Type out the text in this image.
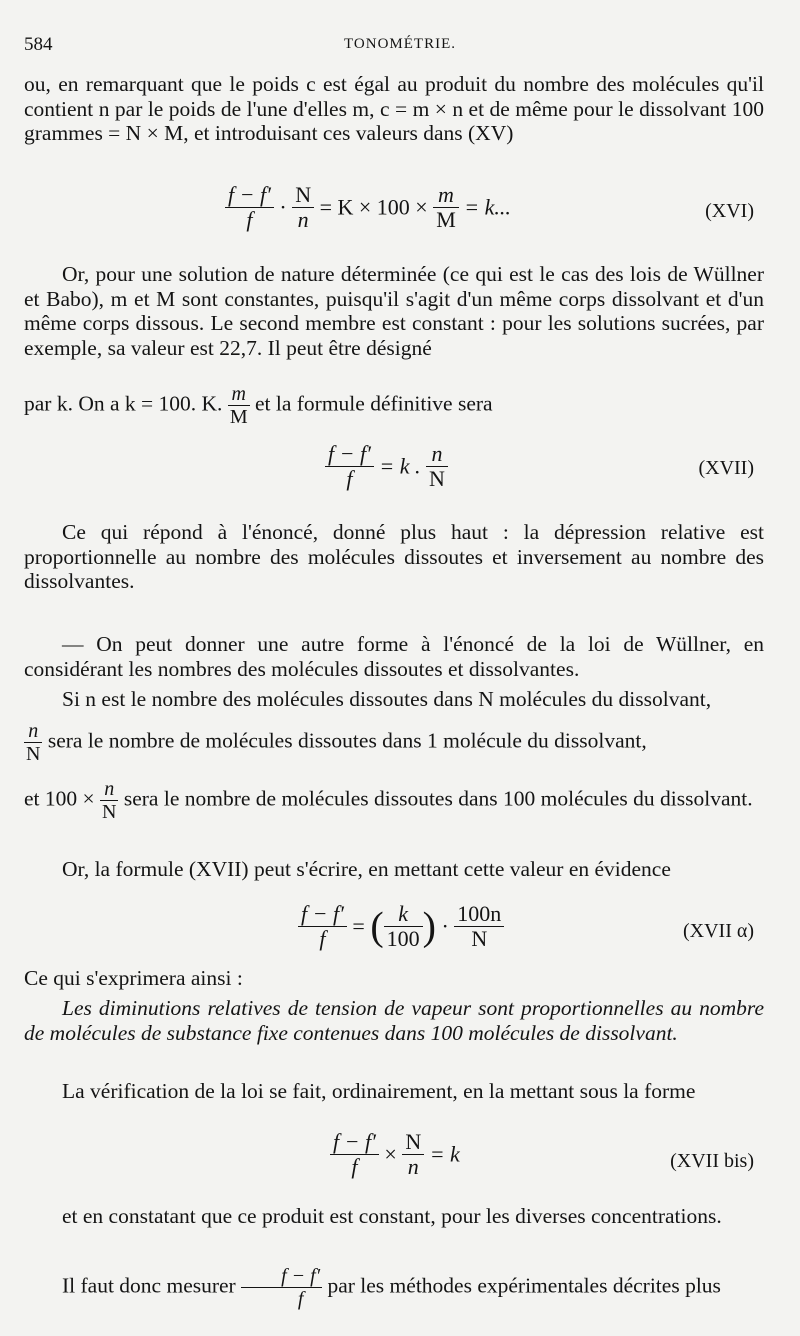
584	TONOMÉTRIE.
ou, en remarquant que le poids c est égal au produit du nombre des molécules qu'il contient n par le poids de l'une d'elles m, c = m × n et de même pour le dissolvant 100 grammes = N × M, et introduisant ces valeurs dans (XV)
$\frac{f - f'}{f} \cdot \frac{N}{n} = K \times 100 \times \frac{m}{M} = k$...	(XVI)
Or, pour une solution de nature déterminée (ce qui est le cas des lois de Wüllner et Babo), m et M sont constantes, puisqu'il s'agit d'un même corps dissolvant et d'un même corps dissous. Le second membre est constant : pour les solutions sucrées, par exemple, sa valeur est 22,7. Il peut être désigné
par k. On a k = 100. K. $\frac{m}{M}$ et la formule définitive sera
$\frac{f - f'}{f} = k$ . $\frac{n}{N}$	(XVII)
Ce qui répond à l'énoncé, donné plus haut : la dépression relative est proportionnelle au nombre des molécules dissoutes et inversement au nombre des dissolvantes.
— On peut donner une autre forme à l'énoncé de la loi de Wüllner, en considérant les nombres des molécules dissoutes et dissolvantes.
Si n est le nombre des molécules dissoutes dans N molécules du dissolvant,
$\frac{n}{N}$ sera le nombre de molécules dissoutes dans 1 molécule du dissolvant,
et $100 \times \frac{n}{N}$ sera le nombre de molécules dissoutes dans 100 molécules du dissolvant.
Or, la formule (XVII) peut s'écrire, en mettant cette valeur en évidence
$\frac{f - f'}{f}$ = ( $\frac{k}{100}$ ) · $\frac{100n}{N}$	(XVII α)
Ce qui s'exprimera ainsi :
Les diminutions relatives de tension de vapeur sont proportionnelles au nombre de molécules de substance fixe contenues dans 100 molécules de dissolvant.
La vérification de la loi se fait, ordinairement, en la mettant sous la forme
$\frac{f - f'}{f} \times \frac{N}{n} = k$	(XVII bis)
et en constatant que ce produit est constant, pour les diverses concentrations.
Il faut donc mesurer $\frac{f - f'}{f}$ par les méthodes expérimentales décrites plus
